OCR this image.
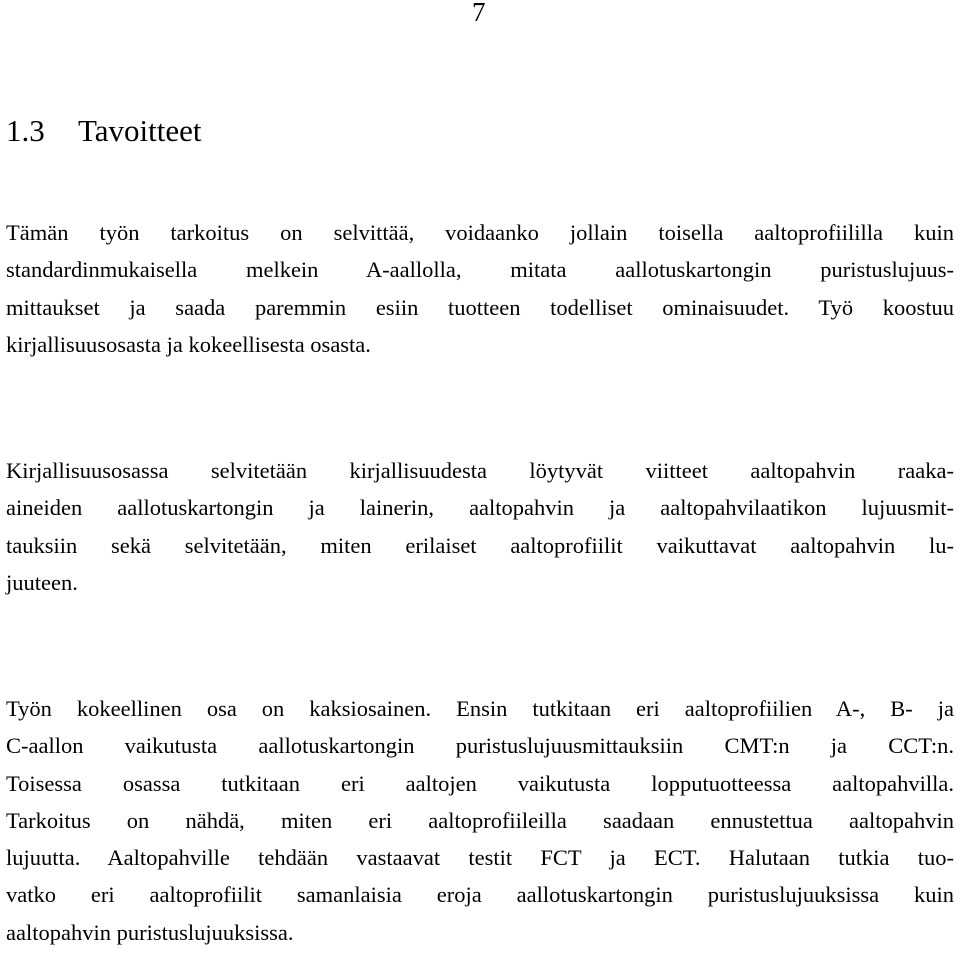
7
1.3 Tavoitteet
Tämän työn tarkoitus on selvittää, voidaanko jollain toisella aaltoprofiililla kuin
standardinmukaisella melkein A-aallolla, mitata aallotuskartongin puristuslujuus-
mittaukset ja saada paremmin esiin tuotteen todelliset ominaisuudet. Työ koostuu
kirjallisuusosasta ja kokeellisesta osasta.
Kirjallisuusosassa selvitetään kirjallisuudesta löytyvät viitteet aaltopahvin raaka-
aineiden aallotuskartongin ja lainerin, aaltopahvin ja aaltopahvilaatikon lujuusmit-
tauksiin sekä selvitetään, miten erilaiset aaltoprofiilit vaikuttavat aaltopahvin lu-
juuteen.
Työn kokeellinen osa on kaksiosainen. Ensin tutkitaan eri aaltoprofiilien A-, B- ja
C-aallon vaikutusta aallotuskartongin puristuslujuusmittauksiin CMT:n ja CCT:n.
Toisessa osassa tutkitaan eri aaltojen vaikutusta lopputuotteessa aaltopahvilla.
Tarkoitus on nähdä, miten eri aaltoprofiileilla saadaan ennustettua aaltopahvin
lujuutta. Aaltopahville tehdään vastaavat testit FCT ja ECT. Halutaan tutkia tuo-
vatko eri aaltoprofiilit samanlaisia eroja aallotuskartongin puristuslujuuksissa kuin
aaltopahvin puristuslujuuksissa.
